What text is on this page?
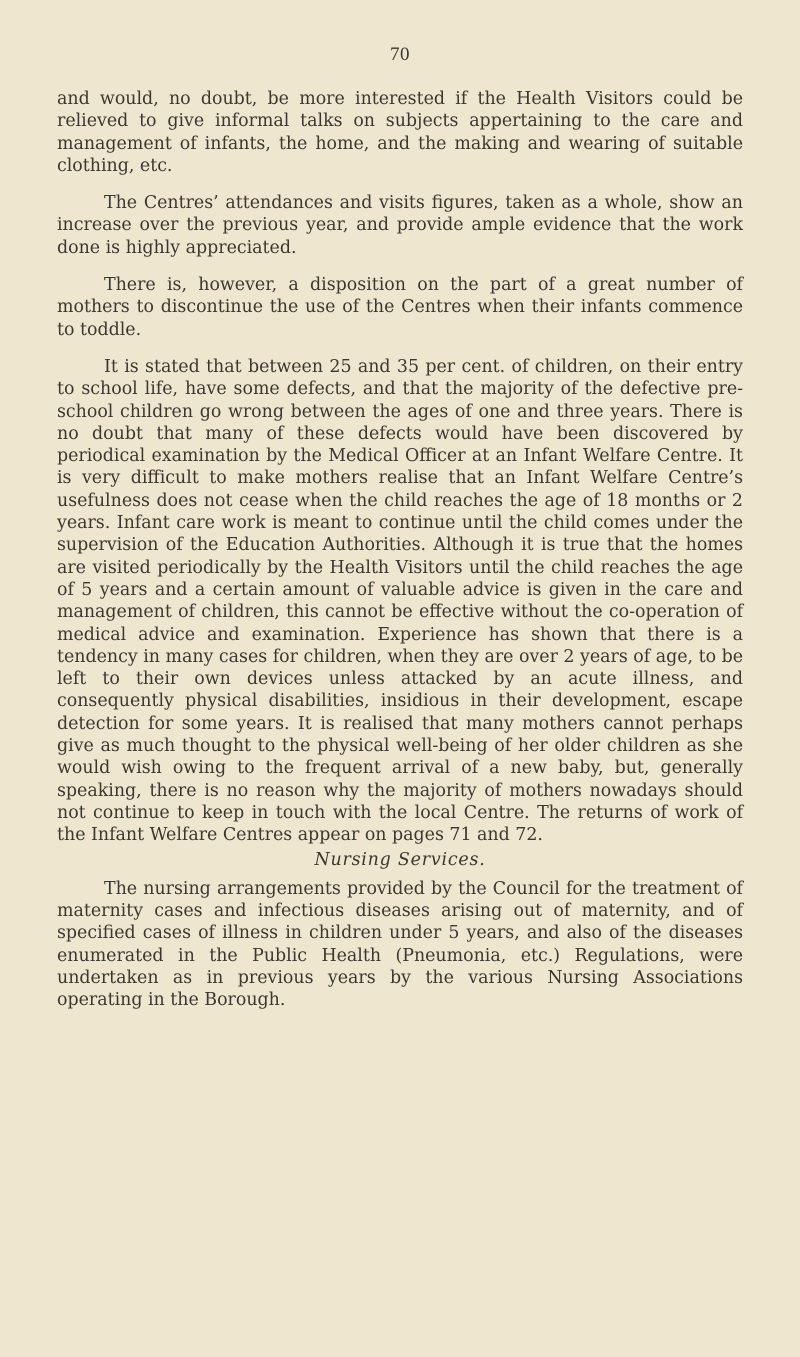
70

and would, no doubt, be more interested if the Health Visitors could be relieved to give informal talks on subjects appertaining to the care and management of infants, the home, and the making and wearing of suitable clothing, etc.

The Centres’ attendances and visits figures, taken as a whole, show an increase over the previous year, and provide ample evidence that the work done is highly appreciated.

There is, however, a disposition on the part of a great number of mothers to discontinue the use of the Centres when their infants commence to toddle.

It is stated that between 25 and 35 per cent. of children, on their entry to school life, have some defects, and that the majority of the defective pre-school children go wrong between the ages of one and three years. There is no doubt that many of these defects would have been discovered by periodical examination by the Medical Officer at an Infant Welfare Centre. It is very difficult to make mothers realise that an Infant Welfare Centre’s usefulness does not cease when the child reaches the age of 18 months or 2 years. Infant care work is meant to continue until the child comes under the supervision of the Education Authorities. Although it is true that the homes are visited periodically by the Health Visitors until the child reaches the age of 5 years and a certain amount of valuable advice is given in the care and management of children, this cannot be effective without the co-operation of medical advice and examination. Experience has shown that there is a tendency in many cases for children, when they are over 2 years of age, to be left to their own devices unless attacked by an acute illness, and consequently physical disabilities, insidious in their development, escape detection for some years. It is realised that many mothers cannot perhaps give as much thought to the physical well-being of her older children as she would wish owing to the frequent arrival of a new baby, but, generally speaking, there is no reason why the majority of mothers nowadays should not continue to keep in touch with the local Centre. The returns of work of the Infant Welfare Centres appear on pages 71 and 72.

Nursing Services.

The nursing arrangements provided by the Council for the treatment of maternity cases and infectious diseases arising out of maternity, and of specified cases of illness in children under 5 years, and also of the diseases enumerated in the Public Health (Pneumonia, etc.) Regulations, were undertaken as in previous years by the various Nursing Associations operating in the Borough.
